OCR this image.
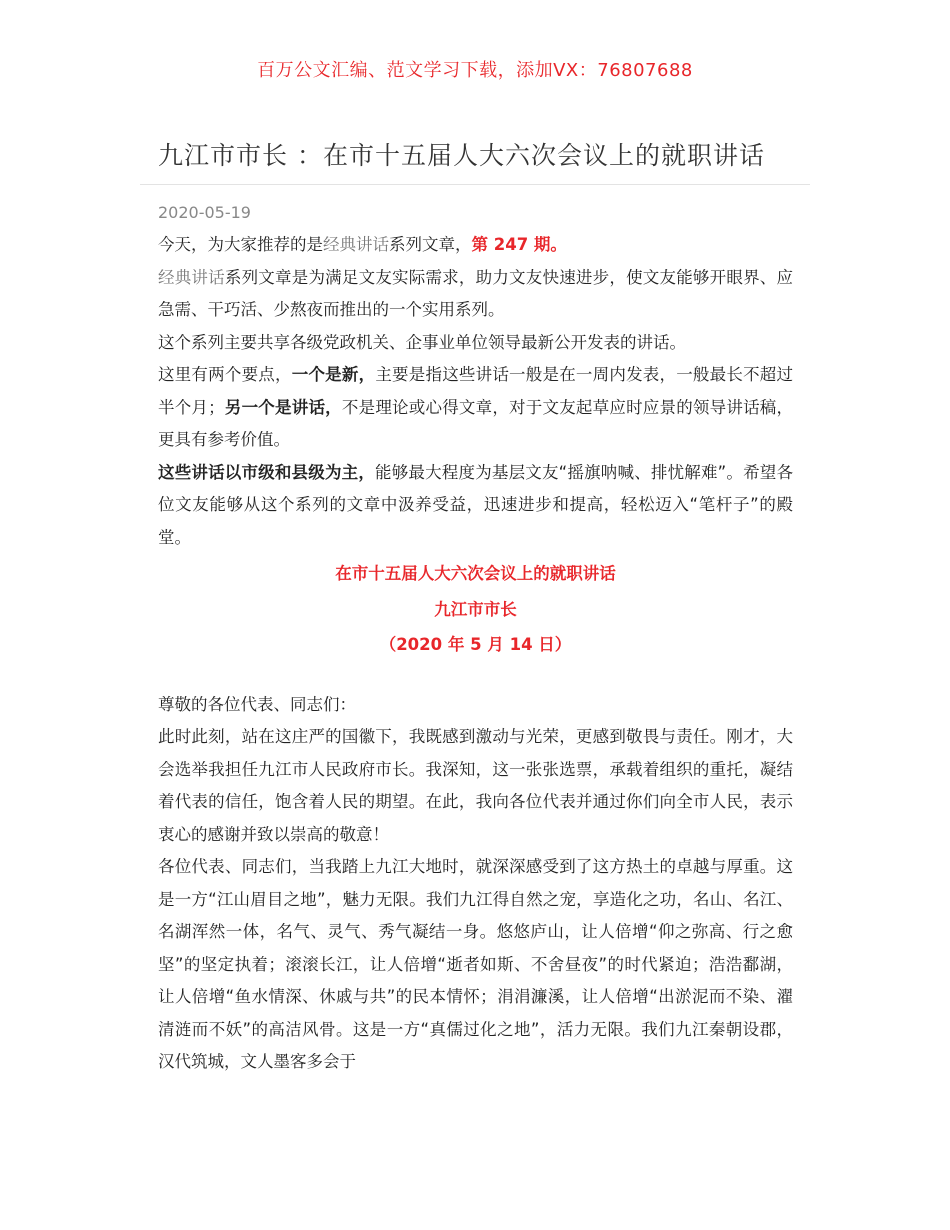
百万公文汇编、范文学习下载，添加VX：76807688
九江市市长 ：在市十五届人大六次会议上的就职讲话
2020-05-19

今天，为大家推荐的是经典讲话系列文章，第 247 期。

经典讲话系列文章是为满足文友实际需求，助力文友快速进步，使文友能够开眼界、应急需、干巧活、少熬夜而推出的一个实用系列。

这个系列主要共享各级党政机关、企事业单位领导最新公开发表的讲话。

这里有两个要点，一个是新，主要是指这些讲话一般是在一周内发表，一般最长不超过半个月；另一个是讲话，不是理论或心得文章，对于文友起草应时应景的领导讲话稿，更具有参考价值。

这些讲话以市级和县级为主，能够最大程度为基层文友“摇旗呐喊、排忧解难”。希望各位文友能够从这个系列的文章中汲养受益，迅速进步和提高，轻松迈入“笔杆子”的殿堂。

在市十五届人大六次会议上的就职讲话

九江市市长

（2020 年 5 月 14 日）

尊敬的各位代表、同志们：

此时此刻，站在这庄严的国徽下，我既感到激动与光荣，更感到敬畏与责任。刚才，大会选举我担任九江市人民政府市长。我深知，这一张张选票，承载着组织的重托，凝结着代表的信任，饱含着人民的期望。在此，我向各位代表并通过你们向全市人民，表示衷心的感谢并致以崇高的敬意！

各位代表、同志们，当我踏上九江大地时，就深深感受到了这方热土的卓越与厚重。这是一方“江山眉目之地”，魅力无限。我们九江得自然之宠，享造化之功，名山、名江、名湖浑然一体，名气、灵气、秀气凝结一身。悠悠庐山，让人倍增“仰之弥高、行之愈坚”的坚定执着；滚滚长江，让人倍增“逝者如斯、不舍昼夜”的时代紧迫；浩浩鄱湖，让人倍增“鱼水情深、休戚与共”的民本情怀；涓涓濂溪，让人倍增“出淤泥而不染、濯清涟而不妖”的高洁风骨。这是一方“真儒过化之地”，活力无限。我们九江秦朝设郡，汉代筑城，文人墨客多会于
